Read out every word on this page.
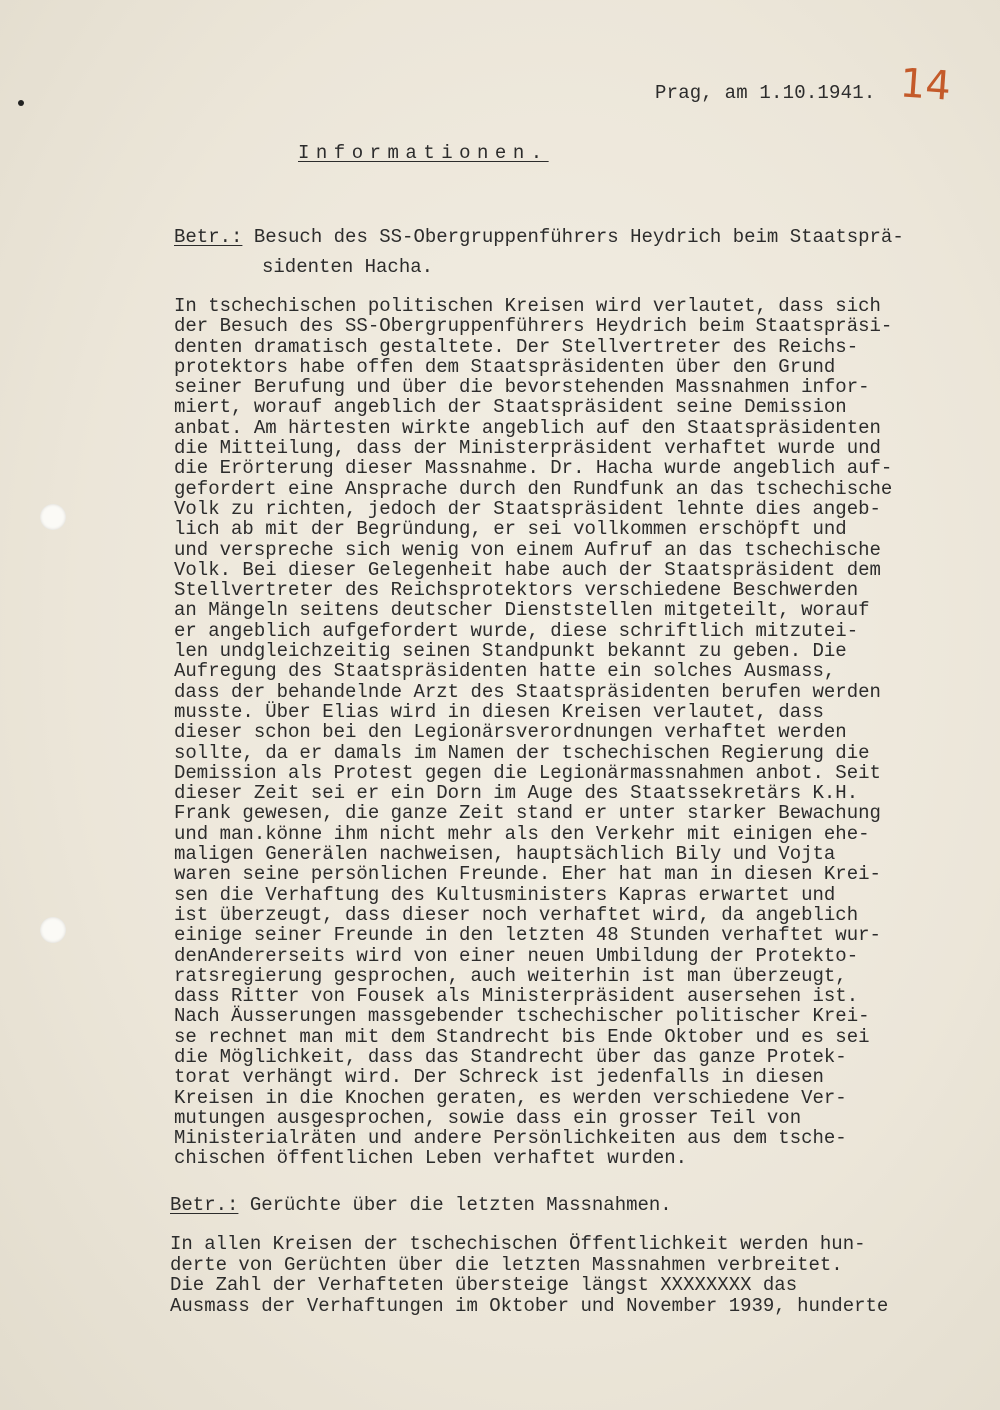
Prag, am 1.10.1941. 14
Informationen.
Betr.: Besuch des SS-Obergruppenführers Heydrich beim Staatsprä-
sidenten Hacha.
In tschechischen politischen Kreisen wird verlautet, dass sich
der Besuch des SS-Obergruppenführers Heydrich beim Staatspräsi-
denten dramatisch gestaltete. Der Stellvertreter des Reichs-
protektors habe offen dem Staatspräsidenten über den Grund
seiner Berufung und über die bevorstehenden Massnahmen infor-
miert, worauf angeblich der Staatspräsident seine Demission
anbat. Am härtesten wirkte angeblich auf den Staatspräsidenten
die Mitteilung, dass der Ministerpräsident verhaftet wurde und
die Erörterung dieser Massnahme. Dr. Hacha wurde angeblich auf-
gefordert eine Ansprache durch den Rundfunk an das tschechische
Volk zu richten, jedoch der Staatspräsident lehnte dies angeb-
lich ab mit der Begründung, er sei vollkommen erschöpft und
und verspreche sich wenig von einem Aufruf an das tschechische
Volk. Bei dieser Gelegenheit habe auch der Staatspräsident dem
Stellvertreter des Reichsprotektors verschiedene Beschwerden
an Mängeln seitens deutscher Dienststellen mitgeteilt, worauf
er angeblich aufgefordert wurde, diese schriftlich mitzutei-
len undgleichzeitig seinen Standpunkt bekannt zu geben. Die
Aufregung des Staatspräsidenten hatte ein solches Ausmass,
dass der behandelnde Arzt des Staatspräsidenten berufen werden
musste. Über Elias wird in diesen Kreisen verlautet, dass
dieser schon bei den Legionärsverordnungen verhaftet werden
sollte, da er damals im Namen der tschechischen Regierung die
Demission als Protest gegen die Legionärmassnahmen anbot. Seit
dieser Zeit sei er ein Dorn im Auge des Staatssekretärs K.H.
Frank gewesen, die ganze Zeit stand er unter starker Bewachung
und man.könne ihm nicht mehr als den Verkehr mit einigen ehe-
maligen Generälen nachweisen, hauptsächlich Bily und Vojta
waren seine persönlichen Freunde. Eher hat man in diesen Krei-
sen die Verhaftung des Kultusministers Kapras erwartet und
ist überzeugt, dass dieser noch verhaftet wird, da angeblich
einige seiner Freunde in den letzten 48 Stunden verhaftet wur-
denAndererseits wird von einer neuen Umbildung der Protekto-
ratsregierung gesprochen, auch weiterhin ist man überzeugt,
dass Ritter von Fousek als Ministerpräsident ausersehen ist.
Nach Äusserungen massgebender tschechischer politischer Krei-
se rechnet man mit dem Standrecht bis Ende Oktober und es sei
die Möglichkeit, dass das Standrecht über das ganze Protek-
torat verhängt wird. Der Schreck ist jedenfalls in diesen
Kreisen in die Knochen geraten, es werden verschiedene Ver-
mutungen ausgesprochen, sowie dass ein grosser Teil von
Ministerialräten und andere Persönlichkeiten aus dem tsche-
chischen öffentlichen Leben verhaftet wurden.
Betr.: Gerüchte über die letzten Massnahmen.
In allen Kreisen der tschechischen Öffentlichkeit werden hun-
derte von Gerüchten über die letzten Massnahmen verbreitet.
Die Zahl der Verhafteten übersteige längst XXXXXXXX das
Ausmass der Verhaftungen im Oktober und November 1939, hunderte
